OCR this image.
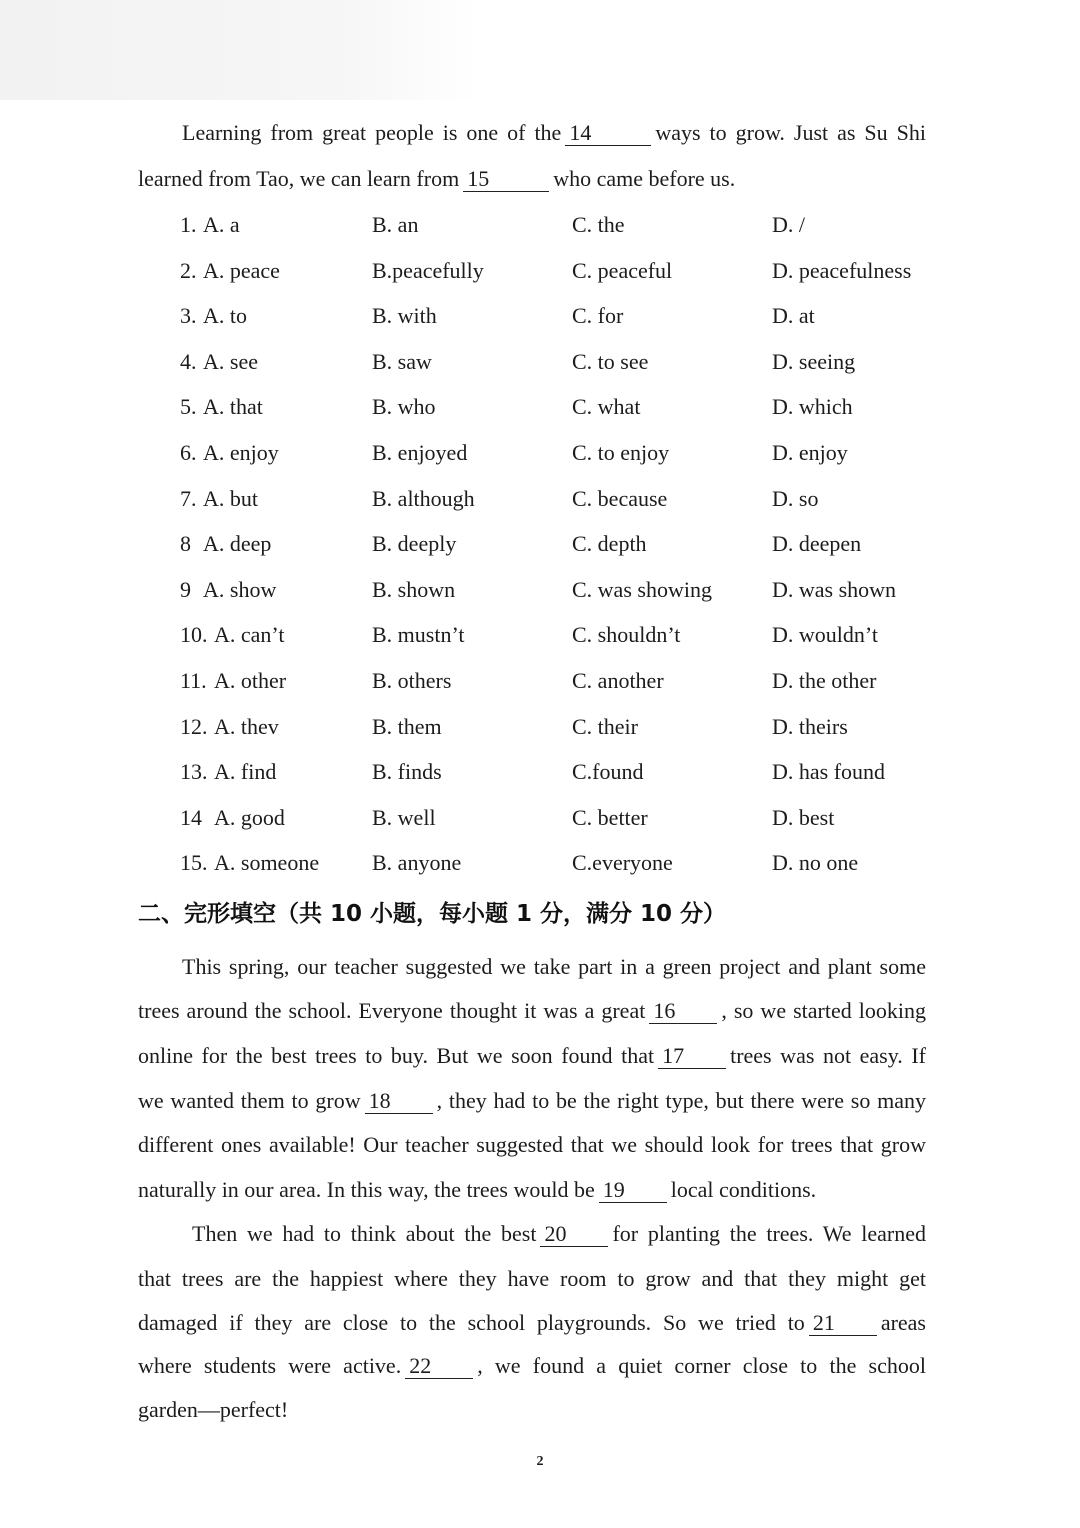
Learning from great people is one of the 14	ways to grow. Just as Su Shi
learned from Tao, we can learn from 15	who came before us.
1. A. a	B. an	C. the	D. /
2. A. peace	B.peacefully	C. peaceful	D. peacefulness
3. A. to	B. with	C. for	D. at
4. A. see	B. saw	C. to see	D. seeing
5. A. that	B. who	C. what	D. which
6. A. enjoy	B. enjoyed	C. to enjoy	D. enjoy
7. A. but	B. although	C. because	D. so
8 A. deep	B. deeply	C. depth	D. deepen
9 A. show	B. shown	C. was showing	D. was shown
10. A. can’t	B. mustn’t	C. shouldn’t	D. wouldn’t
11. A. other	B. others	C. another	D. the other
12. A. thev	B. them	C. their	D. theirs
13. A. find	B. finds	C.found	D. has found
14 A. good	B. well	C. better	D. best
15. A. someone B. anyone	C.everyone	D. no one
二、完形填空（共 10 小题，每小题 1 分，满分 10 分）
This spring, our teacher suggested we take part in a green project and plant some
trees around the school. Everyone thought it was a great 16 , so we started looking
online for the best trees to buy. But we soon found that 17 trees was not easy. If
we wanted them to grow 18 , they had to be the right type, but there were so many
different ones available! Our teacher suggested that we should look for trees that grow
naturally in our area. In this way, the trees would be 19 local conditions.
Then we had to think about the best 20 for planting the trees. We learned
that trees are the happiest where they have room to grow and that they might get
damaged if they are close to the school playgrounds. So we tried to 21 areas
where students were active. 22 , we found a quiet corner close to the school
garden—perfect!
2
